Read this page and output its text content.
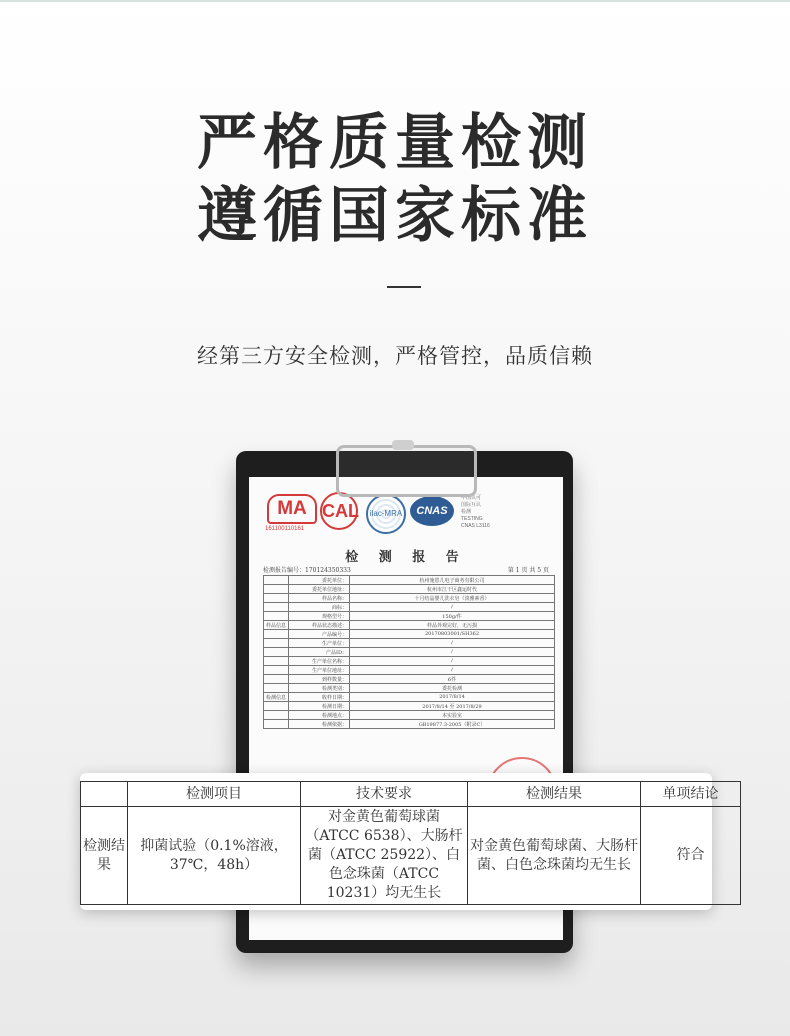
严格质量检测
遵循国家标准
经第三方安全检测，严格管控，品质信赖
MA CAL	ilac-MRA	CNAS
中国认可
国际互认
检测
TESTING
CNAS L3116
161100110161
检 测 报 告
检测报告编号：170124350333	第 1 页 共 5 页
	委托单位：	杭州施恩儿电子商务有限公司
	委托单位地址：	杭州市江干区鑫运时代
	样品名称：	十月结晶婴儿洗衣皂（淡雅素香）
	商标：	/
	规格型号：	150g/件
样品信息	样品状态描述：	样品外观完好，无污损
	产品编号：	20170803001/SH362
	生产单位：	/
	产品ID：	/
	生产单位名称：	/
	生产单位地址：	/
	到样数量：	6件
	检测类别：	委托检测
检测信息	收样日期：	2017/8/14
	检测日期：	2017/8/14 至 2017/8/29
	检测地点：	本实验室
	检测依据：	GB19877.3-2005（附录C）
	检测项目	技术要求	检测结果	单项结论
检测结果	抑菌试验（0.1%溶液，37℃，48h）	对金黄色葡萄球菌（ATCC 6538）、大肠杆菌（ATCC 25922）、白色念珠菌（ATCC 10231）均无生长	对金黄色葡萄球菌、大肠杆菌、白色念珠菌均无生长	符合
